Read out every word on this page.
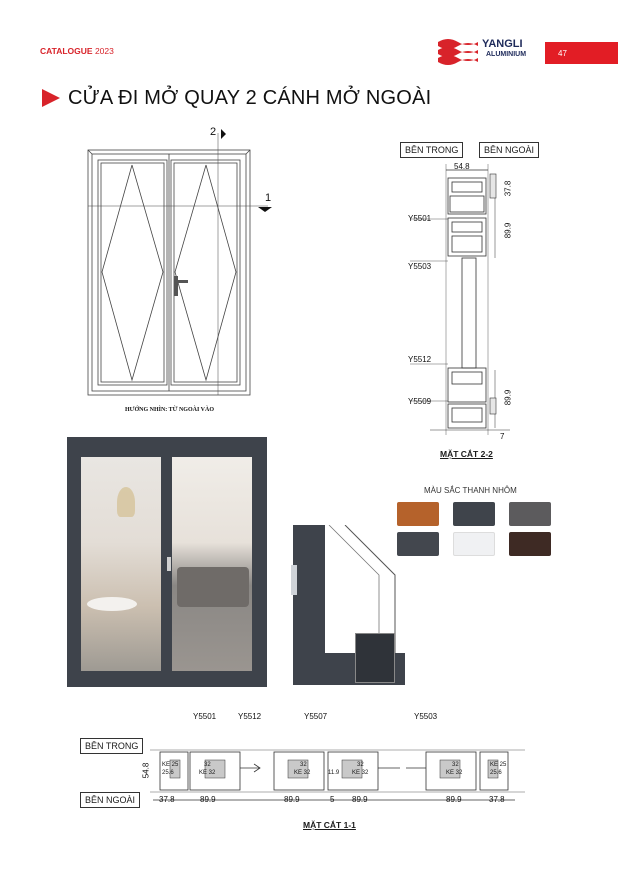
CATALOGUE 2023
YANGLI
ALUMINIUM	47
CỬA ĐI MỞ QUAY 2 CÁNH MỞ NGOÀI
1
2
HƯỚNG NHÌN: TỪ NGOÀI VÀO
BÊN TRONG	BÊN NGOÀI
54.8
37.8
89.9
89.9
7
Y5501
Y5503
Y5512
Y5509
MẶT CẮT 2-2
MÀU SẮC THANH NHÔM
BÊN TRONG
BÊN NGOÀI
Y5501	Y5512	Y5507	Y5503
54.8 KE 25
25.6	KE 32
32
KE 32
32
11.9 KE 32
32
KE 32
32	KE 25
25.6
37.8	89.9	89.9	5 89.9	89.9	37.8
MẶT CẮT 1-1
